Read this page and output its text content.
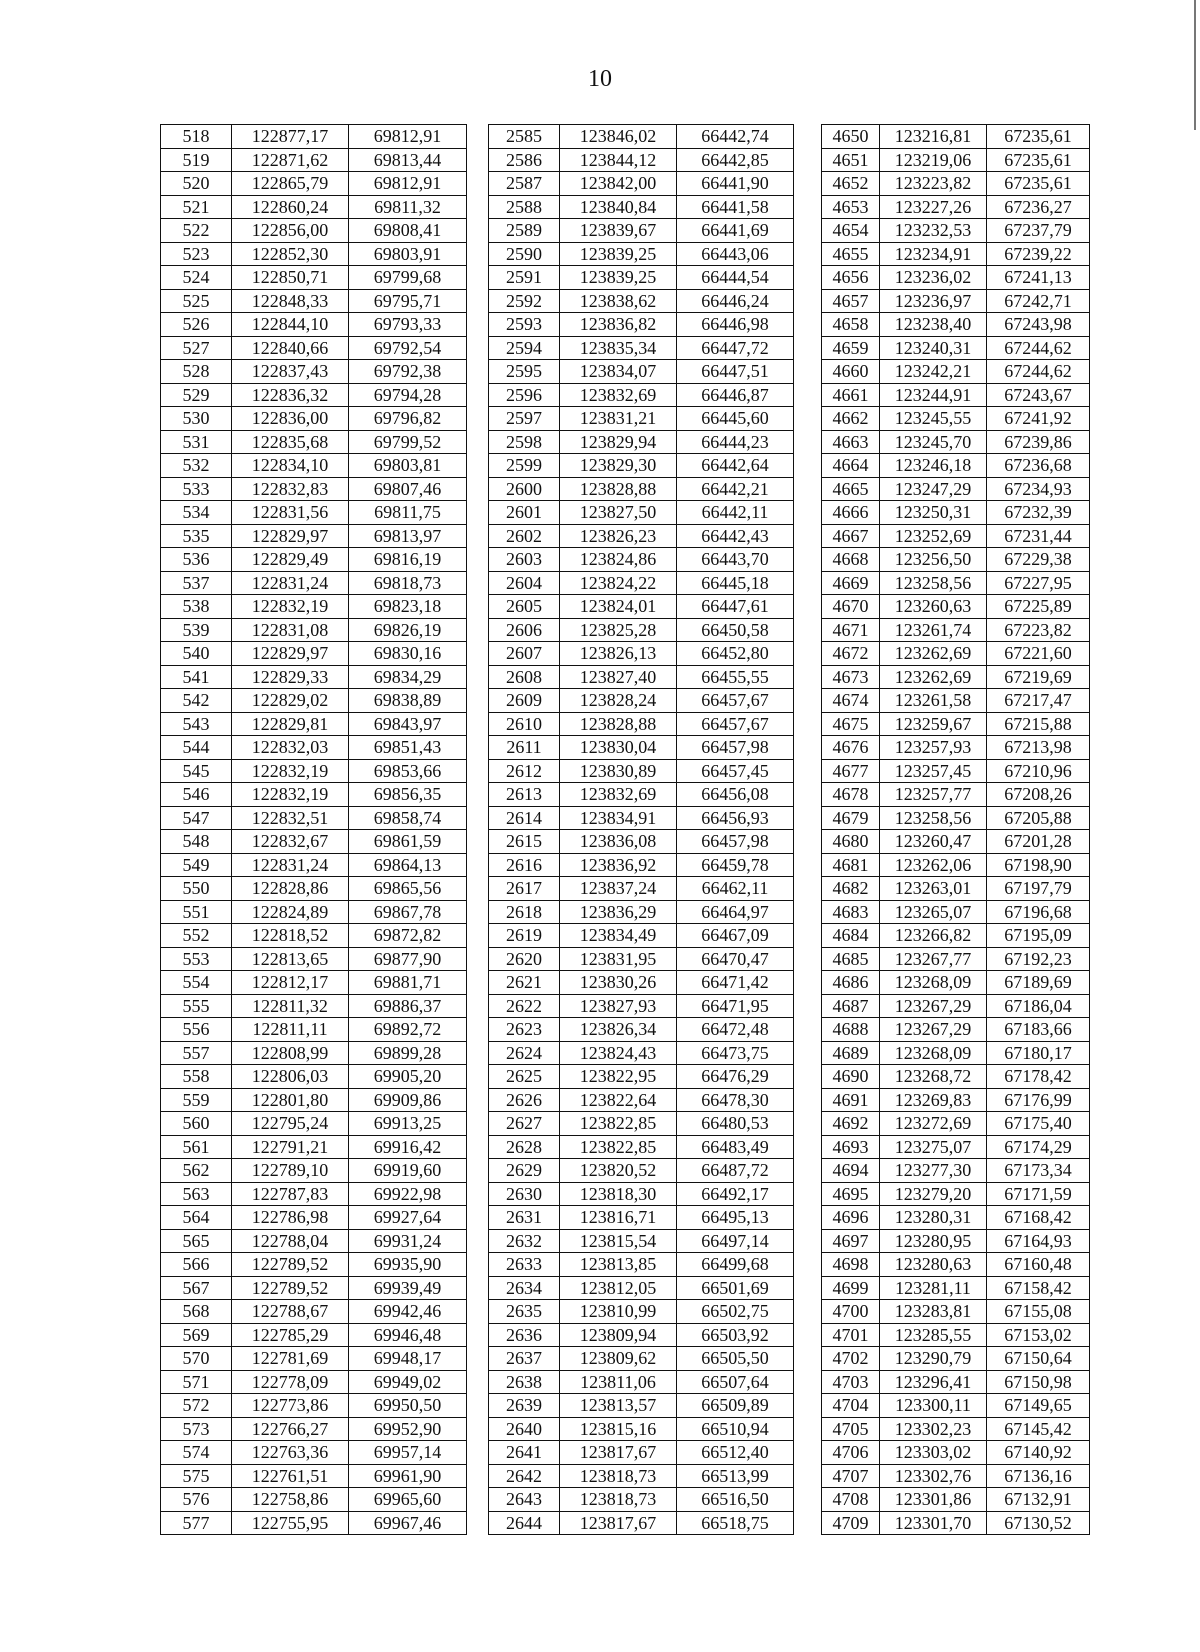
10
518	122877,17	69812,91		2585	123846,02	66442,74		4650	123216,81	67235,61
519	122871,62	69813,44		2586	123844,12	66442,85		4651	123219,06	67235,61
520	122865,79	69812,91		2587	123842,00	66441,90		4652	123223,82	67235,61
521	122860,24	69811,32		2588	123840,84	66441,58		4653	123227,26	67236,27
522	122856,00	69808,41		2589	123839,67	66441,69		4654	123232,53	67237,79
523	122852,30	69803,91		2590	123839,25	66443,06		4655	123234,91	67239,22
524	122850,71	69799,68		2591	123839,25	66444,54		4656	123236,02	67241,13
525	122848,33	69795,71		2592	123838,62	66446,24		4657	123236,97	67242,71
526	122844,10	69793,33		2593	123836,82	66446,98		4658	123238,40	67243,98
527	122840,66	69792,54		2594	123835,34	66447,72		4659	123240,31	67244,62
528	122837,43	69792,38		2595	123834,07	66447,51		4660	123242,21	67244,62
529	122836,32	69794,28		2596	123832,69	66446,87		4661	123244,91	67243,67
530	122836,00	69796,82		2597	123831,21	66445,60		4662	123245,55	67241,92
531	122835,68	69799,52		2598	123829,94	66444,23		4663	123245,70	67239,86
532	122834,10	69803,81		2599	123829,30	66442,64		4664	123246,18	67236,68
533	122832,83	69807,46		2600	123828,88	66442,21		4665	123247,29	67234,93
534	122831,56	69811,75		2601	123827,50	66442,11		4666	123250,31	67232,39
535	122829,97	69813,97		2602	123826,23	66442,43		4667	123252,69	67231,44
536	122829,49	69816,19		2603	123824,86	66443,70		4668	123256,50	67229,38
537	122831,24	69818,73		2604	123824,22	66445,18		4669	123258,56	67227,95
538	122832,19	69823,18		2605	123824,01	66447,61		4670	123260,63	67225,89
539	122831,08	69826,19		2606	123825,28	66450,58		4671	123261,74	67223,82
540	122829,97	69830,16		2607	123826,13	66452,80		4672	123262,69	67221,60
541	122829,33	69834,29		2608	123827,40	66455,55		4673	123262,69	67219,69
542	122829,02	69838,89		2609	123828,24	66457,67		4674	123261,58	67217,47
543	122829,81	69843,97		2610	123828,88	66457,67		4675	123259,67	67215,88
544	122832,03	69851,43		2611	123830,04	66457,98		4676	123257,93	67213,98
545	122832,19	69853,66		2612	123830,89	66457,45		4677	123257,45	67210,96
546	122832,19	69856,35		2613	123832,69	66456,08		4678	123257,77	67208,26
547	122832,51	69858,74		2614	123834,91	66456,93		4679	123258,56	67205,88
548	122832,67	69861,59		2615	123836,08	66457,98		4680	123260,47	67201,28
549	122831,24	69864,13		2616	123836,92	66459,78		4681	123262,06	67198,90
550	122828,86	69865,56		2617	123837,24	66462,11		4682	123263,01	67197,79
551	122824,89	69867,78		2618	123836,29	66464,97		4683	123265,07	67196,68
552	122818,52	69872,82		2619	123834,49	66467,09		4684	123266,82	67195,09
553	122813,65	69877,90		2620	123831,95	66470,47		4685	123267,77	67192,23
554	122812,17	69881,71		2621	123830,26	66471,42		4686	123268,09	67189,69
555	122811,32	69886,37		2622	123827,93	66471,95		4687	123267,29	67186,04
556	122811,11	69892,72		2623	123826,34	66472,48		4688	123267,29	67183,66
557	122808,99	69899,28		2624	123824,43	66473,75		4689	123268,09	67180,17
558	122806,03	69905,20		2625	123822,95	66476,29		4690	123268,72	67178,42
559	122801,80	69909,86		2626	123822,64	66478,30		4691	123269,83	67176,99
560	122795,24	69913,25		2627	123822,85	66480,53		4692	123272,69	67175,40
561	122791,21	69916,42		2628	123822,85	66483,49		4693	123275,07	67174,29
562	122789,10	69919,60		2629	123820,52	66487,72		4694	123277,30	67173,34
563	122787,83	69922,98		2630	123818,30	66492,17		4695	123279,20	67171,59
564	122786,98	69927,64		2631	123816,71	66495,13		4696	123280,31	67168,42
565	122788,04	69931,24		2632	123815,54	66497,14		4697	123280,95	67164,93
566	122789,52	69935,90		2633	123813,85	66499,68		4698	123280,63	67160,48
567	122789,52	69939,49		2634	123812,05	66501,69		4699	123281,11	67158,42
568	122788,67	69942,46		2635	123810,99	66502,75		4700	123283,81	67155,08
569	122785,29	69946,48		2636	123809,94	66503,92		4701	123285,55	67153,02
570	122781,69	69948,17		2637	123809,62	66505,50		4702	123290,79	67150,64
571	122778,09	69949,02		2638	123811,06	66507,64		4703	123296,41	67150,98
572	122773,86	69950,50		2639	123813,57	66509,89		4704	123300,11	67149,65
573	122766,27	69952,90		2640	123815,16	66510,94		4705	123302,23	67145,42
574	122763,36	69957,14		2641	123817,67	66512,40		4706	123303,02	67140,92
575	122761,51	69961,90		2642	123818,73	66513,99		4707	123302,76	67136,16
576	122758,86	69965,60		2643	123818,73	66516,50		4708	123301,86	67132,91
577	122755,95	69967,46		2644	123817,67	66518,75		4709	123301,70	67130,52
